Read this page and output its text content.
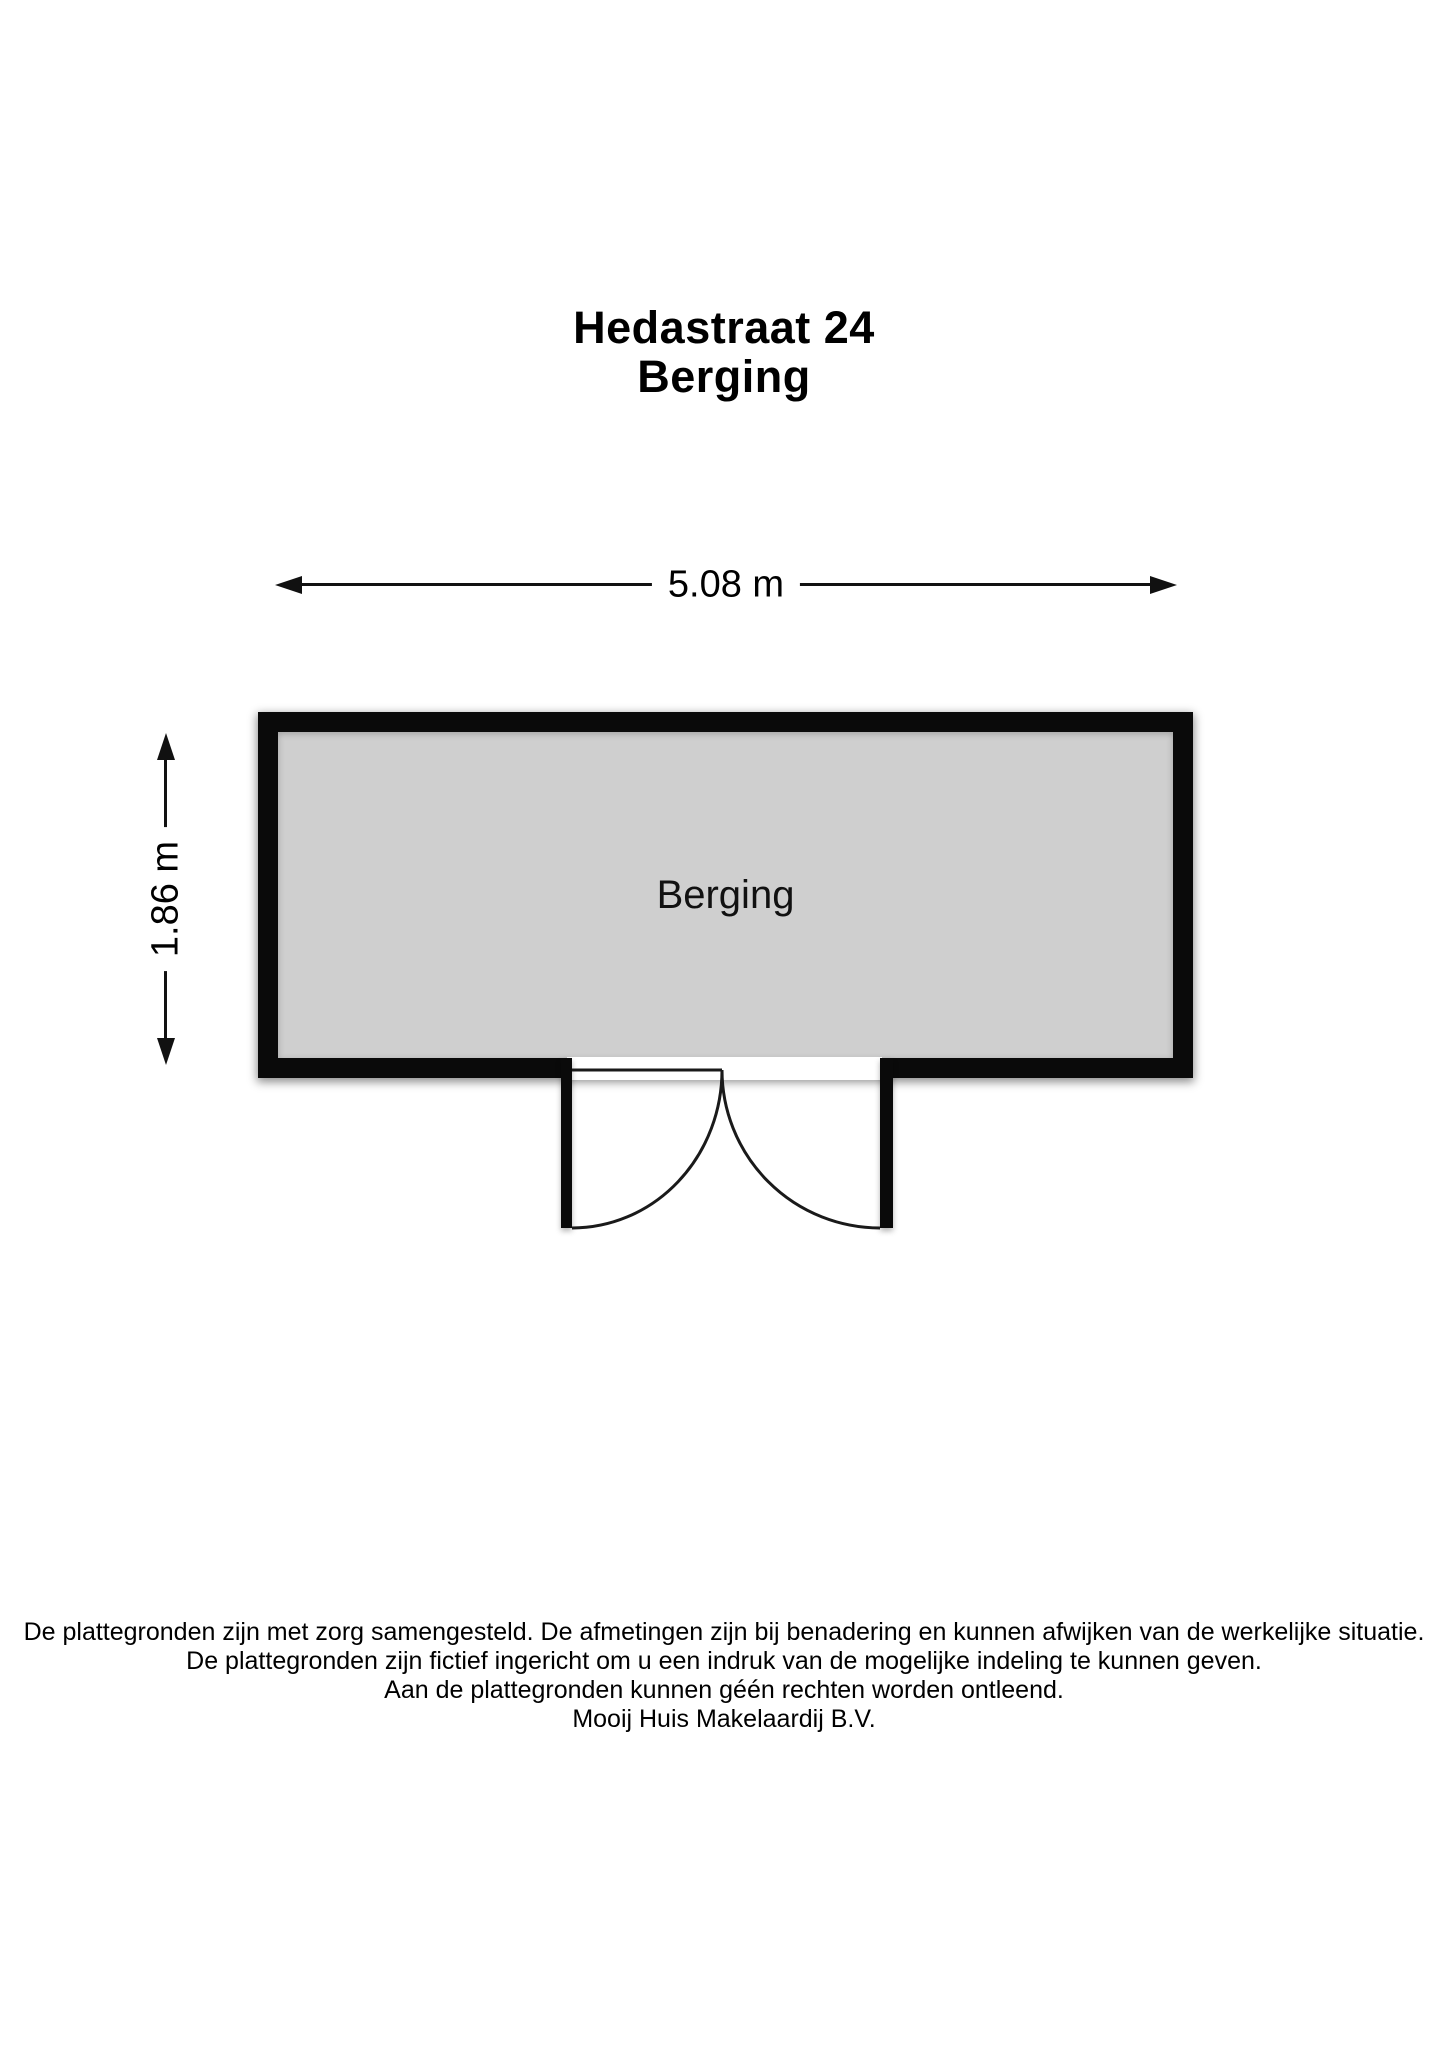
Hedastraat 24
Berging
5.08 m
1.86 m	Berging
De plattegronden zijn met zorg samengesteld. De afmetingen zijn bij benadering en kunnen afwijken van de werkelijke situatie.
De plattegronden zijn fictief ingericht om u een indruk van de mogelijke indeling te kunnen geven.
Aan de plattegronden kunnen géén rechten worden ontleend.
Mooij Huis Makelaardij B.V.
